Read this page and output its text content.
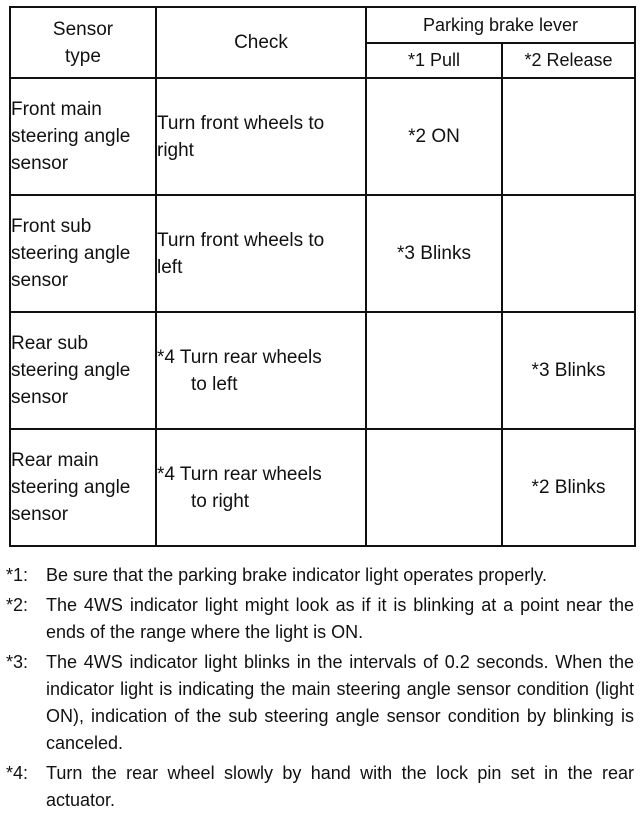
Sensor type	Check	Parking brake lever	
		*1 Pull	*2 Release

Front main steering angle sensor	Turn front wheels to right	*2 ON	

Front sub steering angle sensor	Turn front wheels to left	*3 Blinks	

Rear sub steering angle sensor	*4 Turn rear wheels to left		*3 Blinks

Rear main steering angle sensor	*4 Turn rear wheels to right		*2 Blinks
*1: Be sure that the parking brake indicator light operates properly.
*2: The 4WS indicator light might look as if it is blinking at a point near the ends of the range where the light is ON.
*3: The 4WS indicator light blinks in the intervals of 0.2 seconds. When the indicator light is indicating the main steering angle sensor condition (light ON), indication of the sub steering angle sensor condition by blinking is canceled.
*4: Turn the rear wheel slowly by hand with the lock pin set in the rear actuator.
